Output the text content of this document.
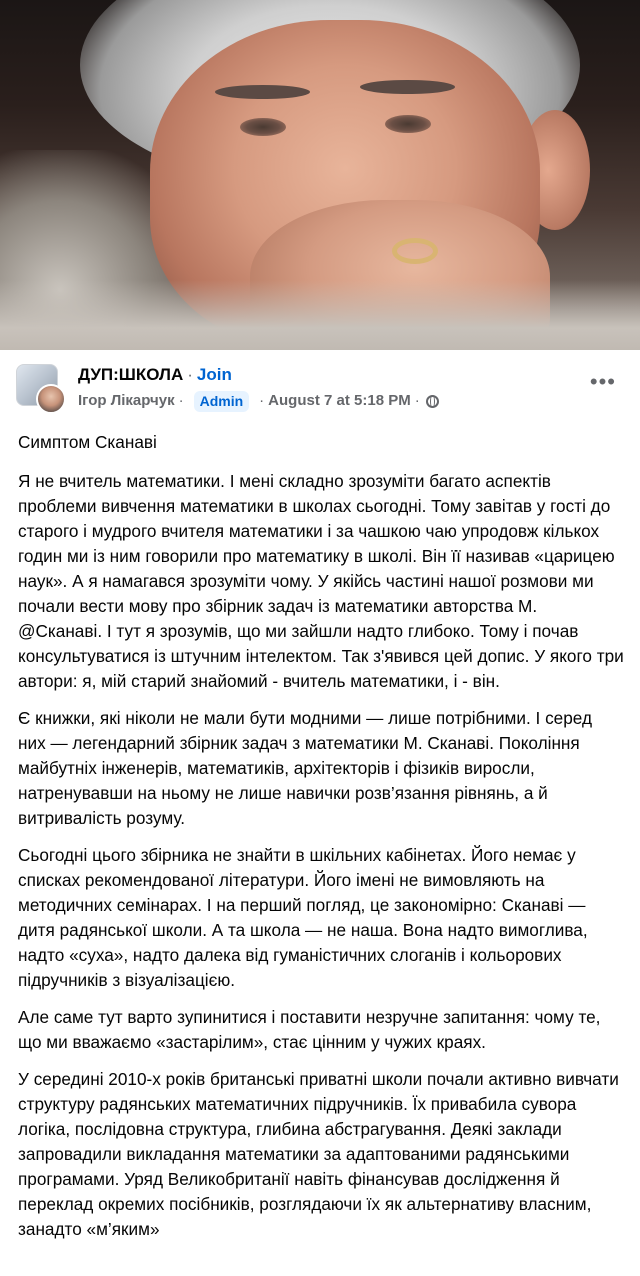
ДУП:ШКОЛА · Join
Ігор Лікарчук ·	Admin	· August 7 at 5:18 PM ·
•••

Симптом Сканаві

Я не вчитель математики. І мені складно зрозуміти багато аспектів проблеми вивчення математики в школах сьогодні. Тому завітав у гості до старого і мудрого вчителя математики і за чашкою чаю упродовж кількох годин ми із ним говорили про математику в школі. Він її називав «царицею наук». А я намагався зрозуміти чому. У якійсь частині нашої розмови ми почали вести мову про збірник задач із математики авторства М. @Сканаві. І тут я зрозумів, що ми зайшли надто глибоко. Тому і почав консультуватися із штучним інтелектом. Так з'явився цей допис. У якого три автори: я, мій старий знайомий - вчитель математики, і - він.

Є книжки, які ніколи не мали бути модними — лише потрібними. І серед них — легендарний збірник задач з математики М. Сканаві. Покоління майбутніх інженерів, математиків, архітекторів і фізиків виросли, натренувавши на ньому не лише навички розв’язання рівнянь, а й витривалість розуму.

Сьогодні цього збірника не знайти в шкільних кабінетах. Його немає у списках рекомендованої літератури. Його імені не вимовляють на методичних семінарах. І на перший погляд, це закономірно: Сканаві — дитя радянської школи. А та школа — не наша. Вона надто вимоглива, надто «суха», надто далека від гуманістичних слоганів і кольорових підручників з візуалізацією.

Але саме тут варто зупинитися і поставити незручне запитання: чому те, що ми вважаємо «застарілим», стає цінним у чужих краях.

У середині 2010-х років британські приватні школи почали активно вивчати структуру радянських математичних підручників. Їх привабила сувора логіка, послідовна структура, глибина абстрагування. Деякі заклади запровадили викладання математики за адаптованими радянськими програмами. Уряд Великобританії навіть фінансував дослідження й переклад окремих посібників, розглядаючи їх як альтернативу власним, занадто «м’яким»
